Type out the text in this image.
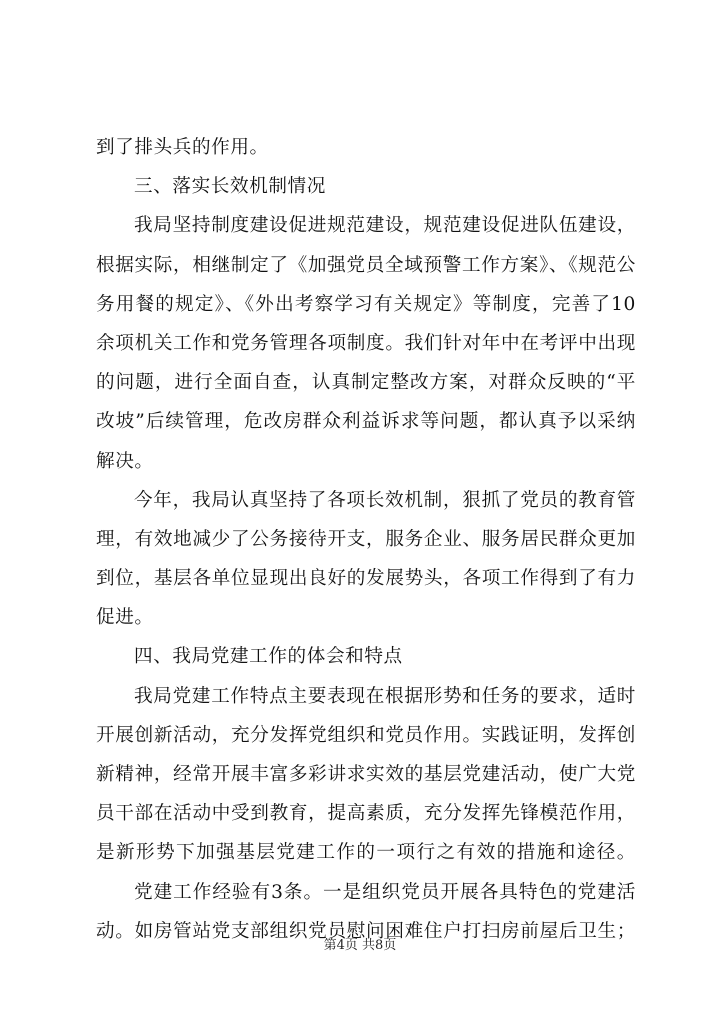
到了排头兵的作用。
三、落实长效机制情况
我局坚持制度建设促进规范建设，规范建设促进队伍建设，
根据实际，相继制定了《加强党员全域预警工作方案》、《规范公
务用餐的规定》、《外出考察学习有关规定》等制度，完善了10
余项机关工作和党务管理各项制度。我们针对年中在考评中出现
的问题，进行全面自查，认真制定整改方案，对群众反映的“平
改坡”后续管理，危改房群众利益诉求等问题，都认真予以采纳
解决。
今年，我局认真坚持了各项长效机制，狠抓了党员的教育管
理，有效地减少了公务接待开支，服务企业、服务居民群众更加
到位，基层各单位显现出良好的发展势头，各项工作得到了有力
促进。
四、我局党建工作的体会和特点
我局党建工作特点主要表现在根据形势和任务的要求，适时
开展创新活动，充分发挥党组织和党员作用。实践证明，发挥创
新精神，经常开展丰富多彩讲求实效的基层党建活动，使广大党
员干部在活动中受到教育，提高素质，充分发挥先锋模范作用，
是新形势下加强基层党建工作的一项行之有效的措施和途径。
党建工作经验有3条。一是组织党员开展各具特色的党建活
动。如房管站党支部组织党员慰问困难住户打扫房前屋后卫生；
第4页 共8页
